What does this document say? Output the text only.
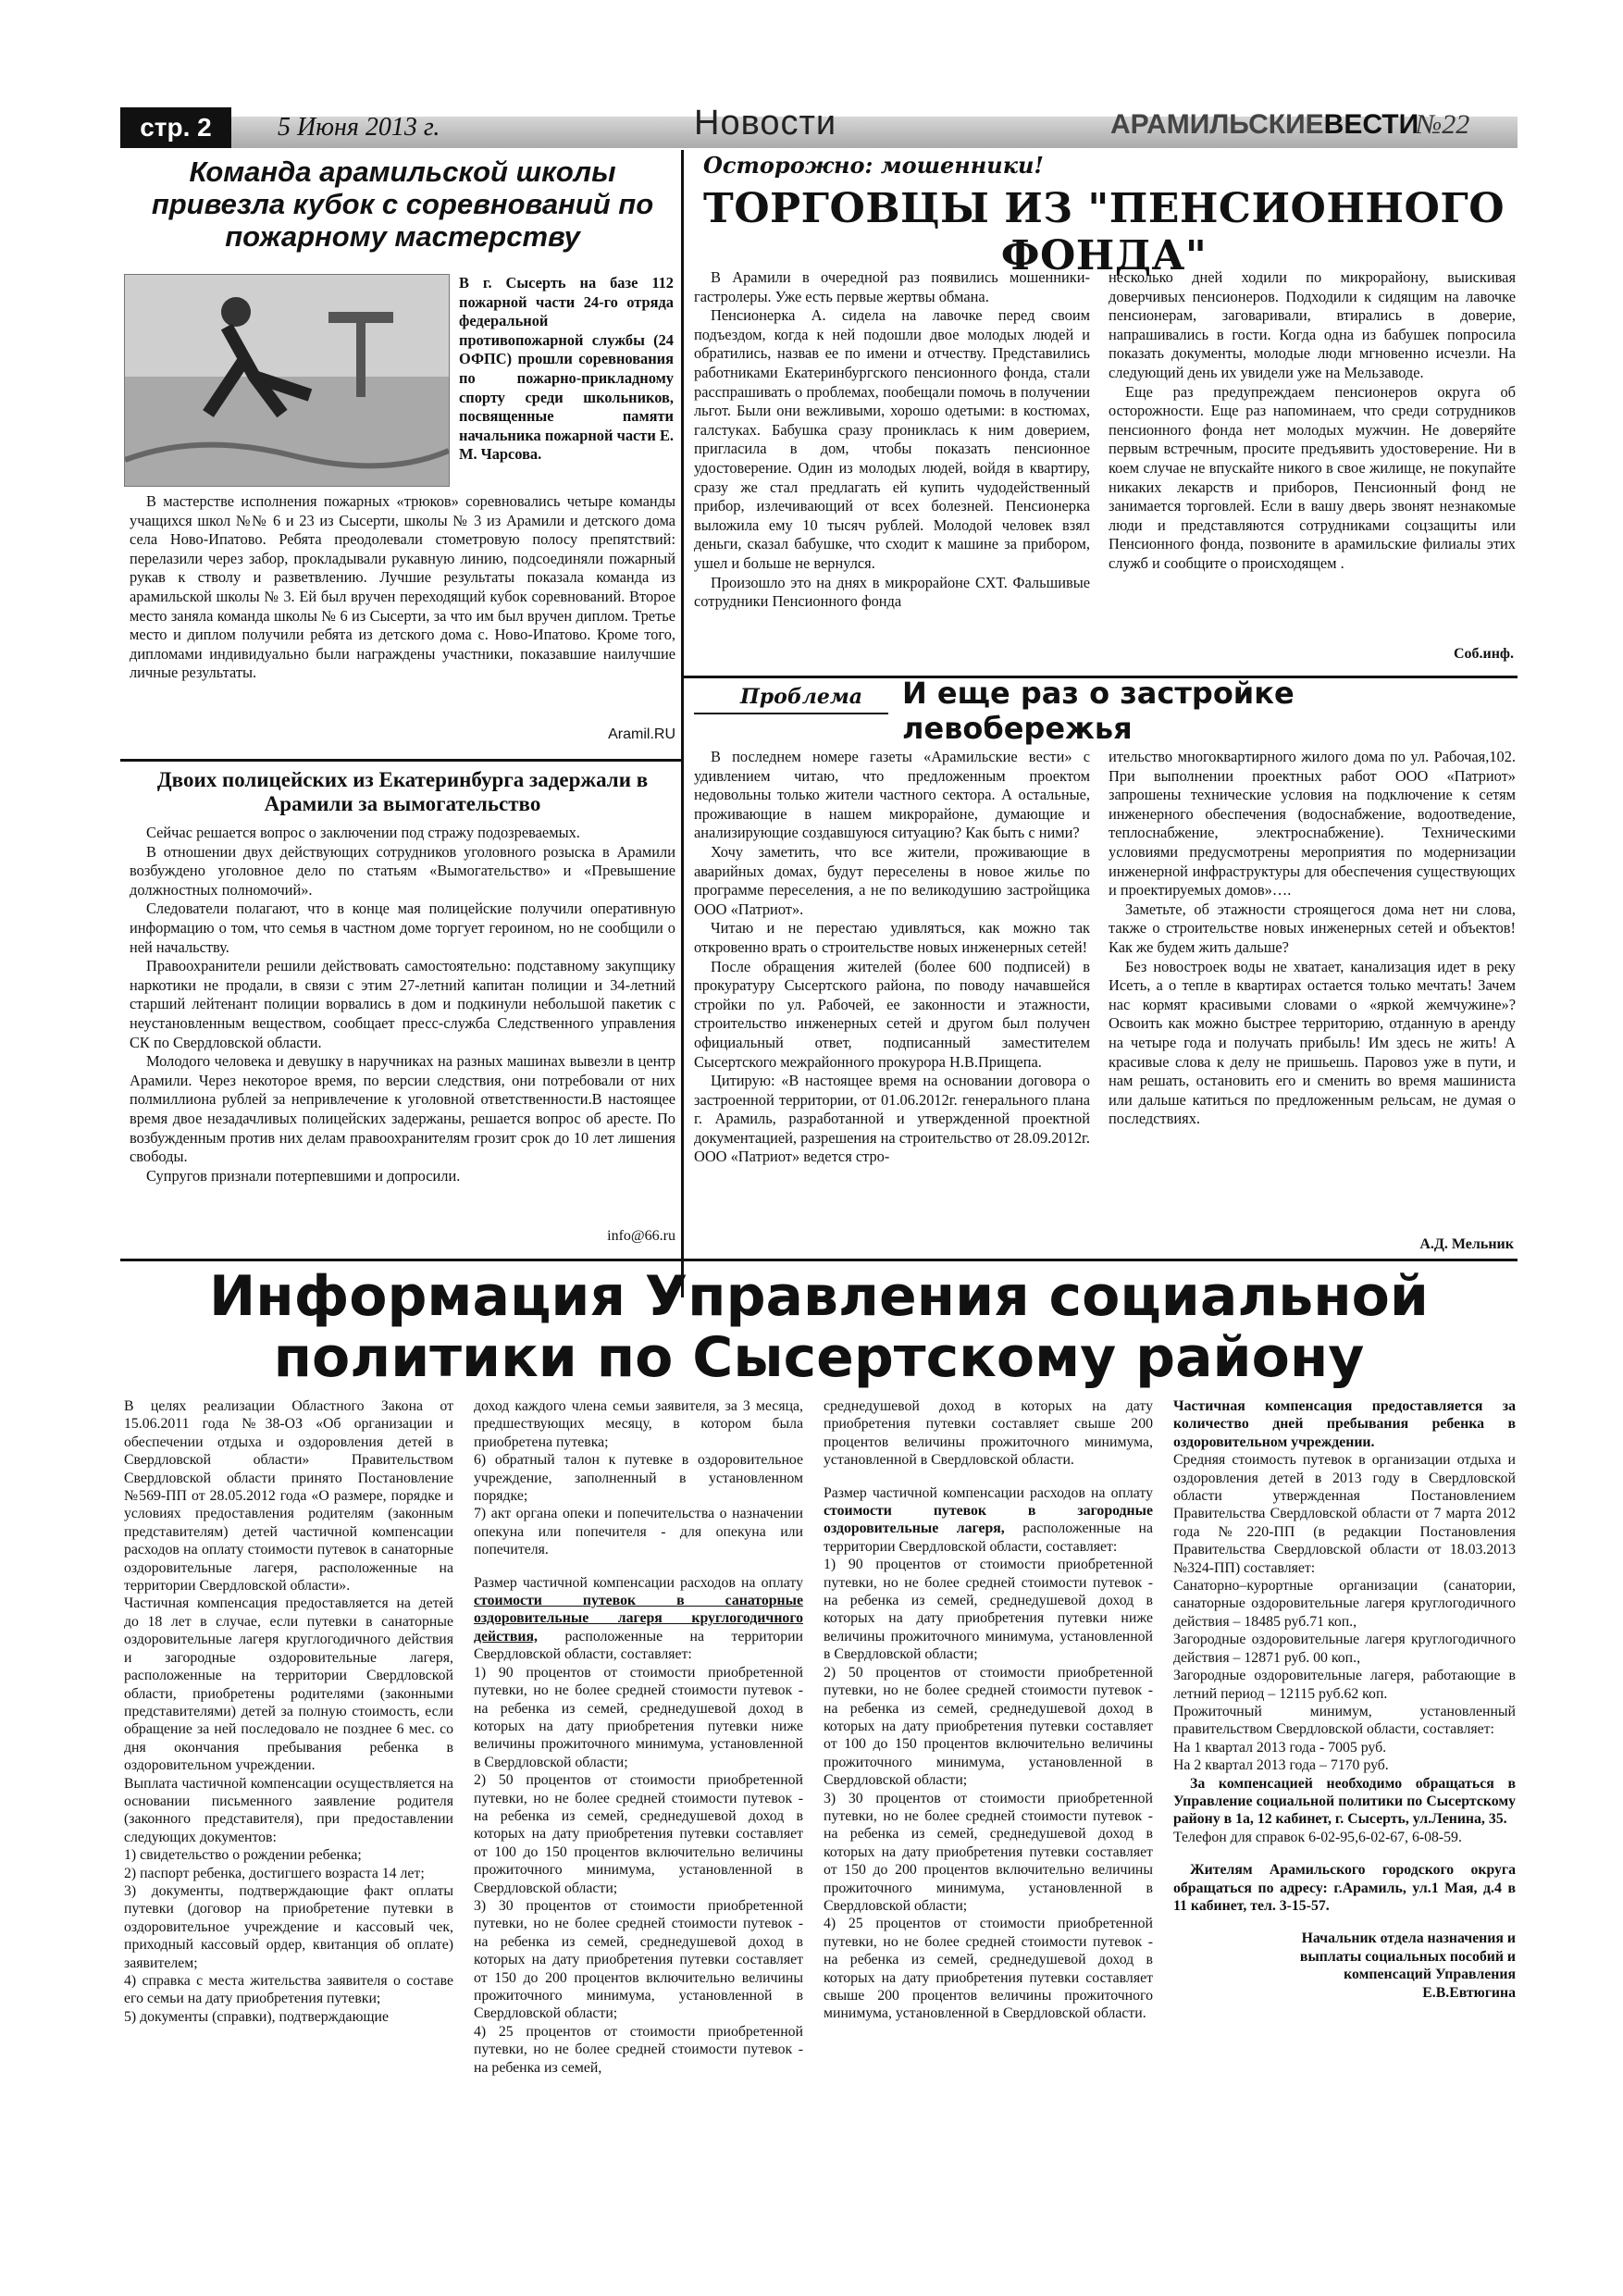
стр. 2	5 Июня 2013 г.	Новости	АРАМИЛЬСКИЕВЕСТИ
№22
Команда арамильской школы привезла кубок с соревнований по пожарному мастерству
В г. Сысерть на базе 112 пожарной части 24-го отряда федеральной противопожарной службы (24 ОФПС) прошли соревнования по пожарно-прикладному спорту среди школьников, посвященные памяти начальника пожарной части Е. М. Чарсова.

В мастерстве исполнения пожарных «трюков» соревновались четыре команды учащихся школ №№ 6 и 23 из Сысерти, школы № 3 из Арамили и детского дома села Ново-Ипатово. Ребята преодолевали стометровую полосу препятствий: перелазили через забор, прокладывали рукавную линию, подсоединяли пожарный рукав к стволу и разветвлению. Лучшие результаты показала команда из арамильской школы № 3. Ей был вручен переходящий кубок соревнований. Второе место заняла команда школы № 6 из Сысерти, за что им был вручен диплом. Третье место и диплом получили ребята из детского дома с. Ново-Ипатово. Кроме того, дипломами индивидуально были награждены участники, показавшие наилучшие личные результаты.

Aramil.RU
Осторожно: мошенники!
ТОРГОВЦЫ ИЗ "ПЕНСИОННОГО ФОНДА"

В Арамили в очередной раз появились мошенники-гастролеры. Уже есть первые жертвы обмана.

Пенсионерка А. сидела на лавочке перед своим подъездом, когда к ней подошли двое молодых людей и обратились, назвав ее по имени и отчеству. Представились работниками Екатеринбургского пенсионного фонда, стали расспрашивать о проблемах, пообещали помочь в получении льгот. Были они вежливыми, хорошо одетыми: в костюмах, галстуках. Бабушка сразу прониклась к ним доверием, пригласила в дом, чтобы показать пенсионное удостоверение. Один из молодых людей, войдя в квартиру, сразу же стал предлагать ей купить чудодейственный прибор, излечивающий от всех болезней. Пенсионерка выложила ему 10 тысяч рублей. Молодой человек взял деньги, сказал бабушке, что сходит к машине за прибором, ушел и больше не вернулся.

Произошло это на днях в микрорайоне СХТ. Фальшивые сотрудники Пенсионного фонда

несколько дней ходили по микрорайону, выискивая доверчивых пенсионеров. Подходили к сидящим на лавочке пенсионерам, заговаривали, втирались в доверие, напрашивались в гости. Когда одна из бабушек попросила показать документы, молодые люди мгновенно исчезли. На следующий день их увидели уже на Мельзаводе.

Еще раз предупреждаем пенсионеров округа об осторожности. Еще раз напоминаем, что среди сотрудников пенсионного фонда нет молодых мужчин. Не доверяйте первым встречным, просите предъявить удостоверение. Ни в коем случае не впускайте никого в свое жилище, не покупайте никаких лекарств и приборов, Пенсионный фонд не занимается торговлей. Если в вашу дверь звонят незнакомые люди и представляются сотрудниками соцзащиты или Пенсионного фонда, позвоните в арамильские филиалы этих служб и сообщите о происходящем .

Соб.инф.
Двоих полицейских из Екатеринбурга задержали в Арамили за вымогательство

Сейчас решается вопрос о заключении под стражу подозреваемых.

В отношении двух действующих сотрудников уголовного розыска в Арамили возбуждено уголовное дело по статьям «Вымогательство» и «Превышение должностных полномочий».

Следователи полагают, что в конце мая полицейские получили оперативную информацию о том, что семья в частном доме торгует героином, но не сообщили о ней начальству.

Правоохранители решили действовать самостоятельно: подставному закупщику наркотики не продали, в связи с этим 27-летний капитан полиции и 34-летний старший лейтенант полиции ворвались в дом и подкинули небольшой пакетик с неустановленным веществом, сообщает пресс-служба Следственного управления СК по Свердловской области.

Молодого человека и девушку в наручниках на разных машинах вывезли в центр Арамили. Через некоторое время, по версии следствия, они потребовали от них полмиллиона рублей за непривлечение к уголовной ответственности.В настоящее время двое незадачливых полицейских задержаны, решается вопрос об аресте. По возбужденным против них делам правоохранителям грозит срок до 10 лет лишения свободы.

Супругов признали потерпевшими и допросили.

info@66.ru
Проблема И еще раз о застройке левобережья

В последнем номере газеты «Арамильские вести» с удивлением читаю, что предложенным проектом недовольны только жители частного сектора. А остальные, проживающие в нашем микрорайоне, думающие и анализирующие создавшуюся ситуацию? Как быть с ними?

Хочу заметить, что все жители, проживающие в аварийных домах, будут переселены в новое жилье по программе переселения, а не по великодушию застройщика ООО «Патриот».

Читаю и не перестаю удивляться, как можно так откровенно врать о строительстве новых инженерных сетей!

После обращения жителей (более 600 подписей) в прокуратуру Сысертского района, по поводу начавшейся стройки по ул. Рабочей, ее законности и этажности, строительство инженерных сетей и другом был получен официальный ответ, подписанный заместителем Сысертского межрайонного прокурора Н.В.Прищепа.

Цитирую: «В настоящее время на основании договора о застроенной территории, от 01.06.2012г. генерального плана г. Арамиль, разработанной и утвержденной проектной документацией, разрешения на строительство от 28.09.2012г. ООО «Патриот» ведется стро-

ительство многоквартирного жилого дома по ул. Рабочая,102. При выполнении проектных работ ООО «Патриот» запрошены технические условия на подключение к сетям инженерного обеспечения (водоснабжение, водоотведение, теплоснабжение, электроснабжение). Техническими условиями предусмотрены мероприятия по модернизации инженерной инфраструктуры для обеспечения существующих и проектируемых домов»….

Заметьте, об этажности строящегося дома нет ни слова, также о строительстве новых инженерных сетей и объектов! Как же будем жить дальше?

Без новостроек воды не хватает, канализация идет в реку Исеть, а о тепле в квартирах остается только мечтать! Зачем нас кормят красивыми словами о «яркой жемчужине»? Освоить как можно быстрее территорию, отданную в аренду на четыре года и получать прибыль! Им здесь не жить! А красивые слова к делу не пришьешь. Паровоз уже в пути, и нам решать, остановить его и сменить во время машиниста или дальше катиться по предложенным рельсам, не думая о последствиях.

А.Д. Мельник
Информация Управления социальной
политики по Сысертскому району

В целях реализации Областного Закона от 15.06.2011 года №38-ОЗ «Об организации и обеспечении отдыха и оздоровления детей в Свердловской области» Правительством Свердловской области принято Постановление №569-ПП от 28.05.2012 года «О размере, порядке и условиях предоставления родителям (законным представителям) детей частичной компенсации расходов на оплату стоимости путевок в санаторные оздоровительные лагеря, расположенные на территории Свердловской области».

Частичная компенсация предоставляется на детей до 18 лет в случае, если путевки в санаторные оздоровительные лагеря круглогодичного действия и загородные оздоровительные лагеря, расположенные на территории Свердловской области, приобретены родителями (законными представителями) детей за полную стоимость, если обращение за ней последовало не позднее 6 мес. со дня окончания пребывания ребенка в оздоровительном учреждении.

Выплата частичной компенсации осуществляется на основании письменного заявление родителя (законного представителя), при предоставлении следующих документов:

1) свидетельство о рождении ребенка;

2) паспорт ребенка, достигшего возраста 14 лет;

3) документы, подтверждающие факт оплаты путевки (договор на приобретение путевки в оздоровительное учреждение и кассовый чек, приходный кассовый ордер, квитанция об оплате) заявителем;

4) справка с места жительства заявителя о составе его семьи на дату приобретения путевки;

5) документы (справки), подтверждающие

доход каждого члена семьи заявителя, за 3 месяца, предшествующих месяцу, в котором была приобретена путевка;

6) обратный талон к путевке в оздоровительное учреждение, заполненный в установленном порядке;

7) акт органа опеки и попечительства о назначении опекуна или попечителя - для опекуна или попечителя.

Размер частичной компенсации расходов на оплату стоимости путевок в санаторные оздоровительные лагеря круглогодичного действия, расположенные на территории Свердловской области, составляет:

1) 90 процентов от стоимости приобретенной путевки, но не более средней стоимости путевок - на ребенка из семей, среднедушевой доход в которых на дату приобретения путевки ниже величины прожиточного минимума, установленной в Свердловской области;

2) 50 процентов от стоимости приобретенной путевки, но не более средней стоимости путевок - на ребенка из семей, среднедушевой доход в которых на дату приобретения путевки составляет от 100 до 150 процентов включительно величины прожиточного минимума, установленной в Свердловской области;

3) 30 процентов от стоимости приобретенной путевки, но не более средней стоимости путевок - на ребенка из семей, среднедушевой доход в которых на дату приобретения путевки составляет от 150 до 200 процентов включительно величины прожиточного минимума, установленной в Свердловской области;

4) 25 процентов от стоимости приобретенной путевки, но не более средней стоимости путевок - на ребенка из семей,

среднедушевой доход в которых на дату приобретения путевки составляет свыше 200 процентов величины прожиточного минимума, установленной в Свердловской области.

Размер частичной компенсации расходов на оплату стоимости путевок в загородные оздоровительные лагеря, расположенные на территории Свердловской области, составляет:

1) 90 процентов от стоимости приобретенной путевки, но не более средней стоимости путевок - на ребенка из семей, среднедушевой доход в которых на дату приобретения путевки ниже величины прожиточного минимума, установленной в Свердловской области;

2) 50 процентов от стоимости приобретенной путевки, но не более средней стоимости путевок - на ребенка из семей, среднедушевой доход в которых на дату приобретения путевки составляет от 100 до 150 процентов включительно величины прожиточного минимума, установленной в Свердловской области;

3) 30 процентов от стоимости приобретенной путевки, но не более средней стоимости путевок - на ребенка из семей, среднедушевой доход в которых на дату приобретения путевки составляет от 150 до 200 процентов включительно величины прожиточного минимума, установленной в Свердловской области;

4) 25 процентов от стоимости приобретенной путевки, но не более средней стоимости путевок - на ребенка из семей, среднедушевой доход в которых на дату приобретения путевки составляет свыше 200 процентов величины прожиточного минимума, установленной в Свердловской области.

Частичная компенсация предоставляется за количество дней пребывания ребенка в оздоровительном учреждении.

Средняя стоимость путевок в организации отдыха и оздоровления детей в 2013 году в Свердловской области утвержденная Постановлением Правительства Свердловской области от 7 марта 2012 года №220-ПП (в редакции Постановления Правительства Свердловской области от 18.03.2013 №324-ПП) составляет:

Санаторно–курортные организации (санатории, санаторные оздоровительные лагеря круглогодичного действия – 18485 руб.71 коп.,

Загородные оздоровительные лагеря круглогодичного действия – 12871 руб. 00 коп.,

Загородные оздоровительные лагеря, работающие в летний период – 12115 руб.62 коп.

Прожиточный минимум, установленный правительством Свердловской области, составляет:

На 1 квартал 2013 года - 7005 руб.

На 2 квартал 2013 года – 7170 руб.

За компенсацией необходимо обращаться в Управление социальной политики по Сысертскому району в 1а, 12 кабинет, г. Сысерть, ул.Ленина, 35.

Телефон для справок 6-02-95,6-02-67, 6-08-59.

Жителям Арамильского городского округа обращаться по адресу: г.Арамиль, ул.1 Мая, д.4 в 11 кабинет, тел. 3-15-57.

Начальник отдела назначения и выплаты социальных пособий и компенсаций Управления Е.В.Евтюгина
